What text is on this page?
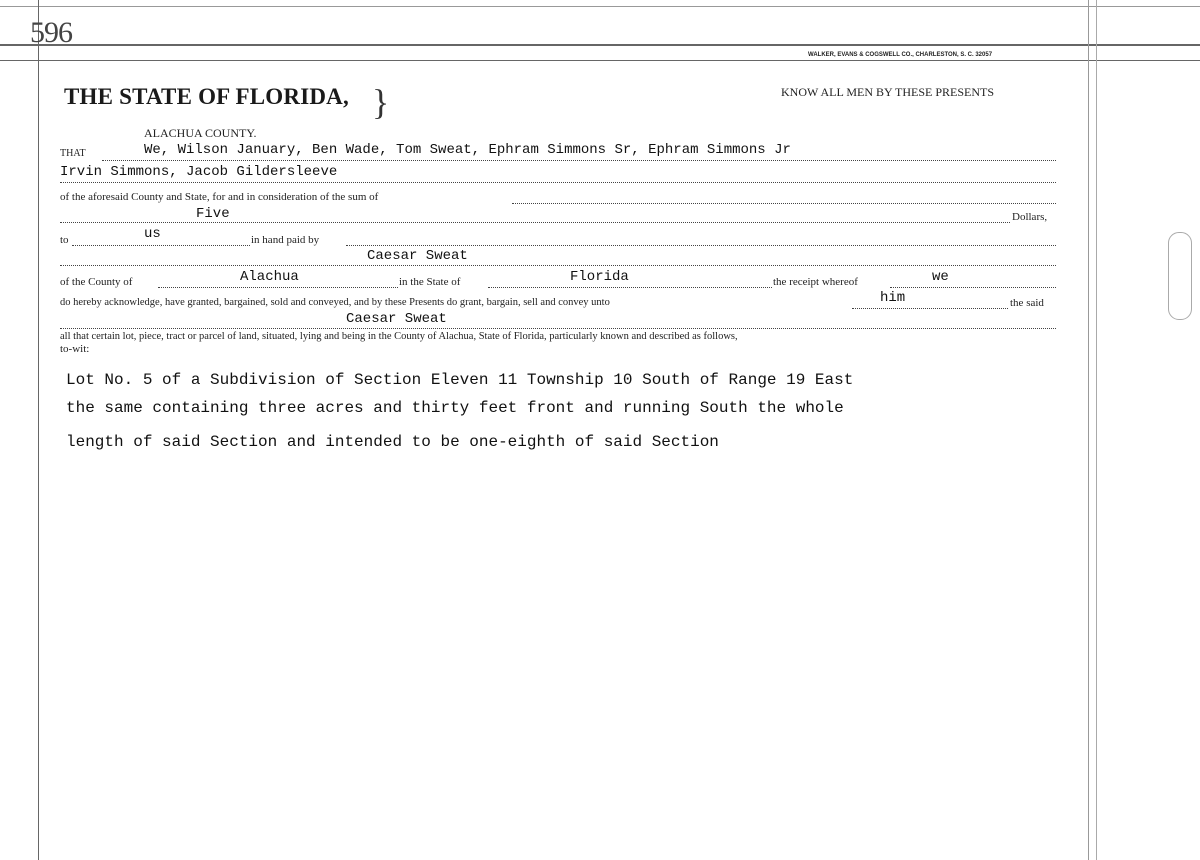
596
WALKER, EVANS & COGSWELL CO., CHARLESTON, S. C. 32057
THE STATE OF FLORIDA, }
ALACHUA COUNTY.
KNOW ALL MEN BY THESE PRESENTS
THAT	We, Wilson January, Ben Wade, Tom Sweat, Ephram Simmons Sr, Ephram Simmons Jr
Irvin Simmons, Jacob Gildersleeve
of the aforesaid County and State, for and in consideration of the sum of
Five	Dollars,
to	us	in hand paid by
Caesar Sweat
of the County of	Alachua	in the State of	Florida	the receipt whereof	we
do hereby acknowledge, have granted, bargained, sold and conveyed, and by these Presents do grant, bargain, sell and convey unto	him	the said
Caesar Sweat
all that certain lot, piece, tract or parcel of land, situated, lying and being in the County of Alachua, State of Florida, particularly known and described as follows,
to-wit:
Lot No. 5 of a Subdivision of Section Eleven 11 Township 10 South of Range 19 East
the same containing three acres and thirty feet front and running South the whole
length of said Section and intended to be one-eighth of said Section
